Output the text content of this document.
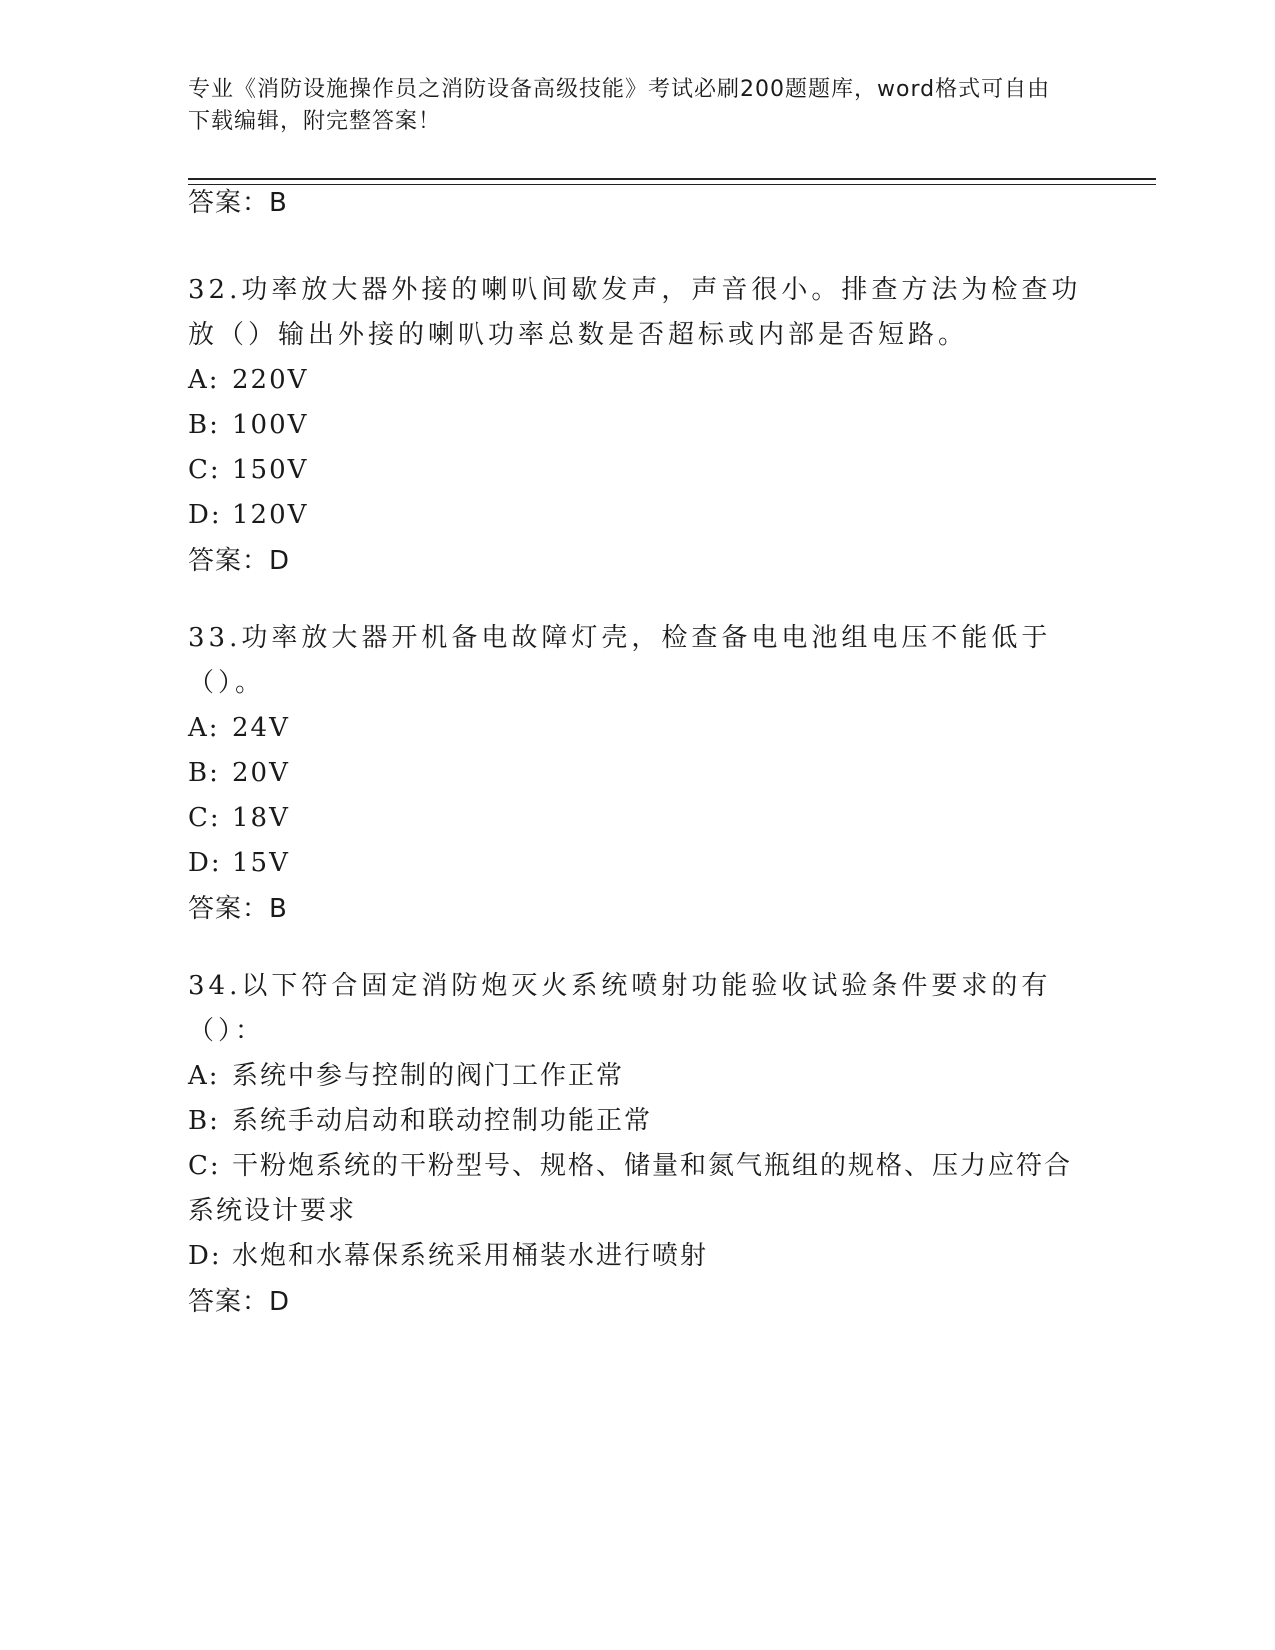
专业《消防设施操作员之消防设备高级技能》考试必刷200题题库，word格式可自由下载编辑，附完整答案！
答案：B

32.功率放大器外接的喇叭间歇发声，声音很小。排查方法为检查功放（）输出外接的喇叭功率总数是否超标或内部是否短路。

A: 220V

B: 100V

C: 150V

D: 120V

答案：D

33.功率放大器开机备电故障灯壳，检查备电电池组电压不能低于（）。

A: 24V

B: 20V

C: 18V

D: 15V

答案：B

34.以下符合固定消防炮灭火系统喷射功能验收试验条件要求的有（）：

A: 系统中参与控制的阀门工作正常

B: 系统手动启动和联动控制功能正常

C: 干粉炮系统的干粉型号、规格、储量和氮气瓶组的规格、压力应符合系统设计要求

D: 水炮和水幕保系统采用桶装水进行喷射

答案：D
